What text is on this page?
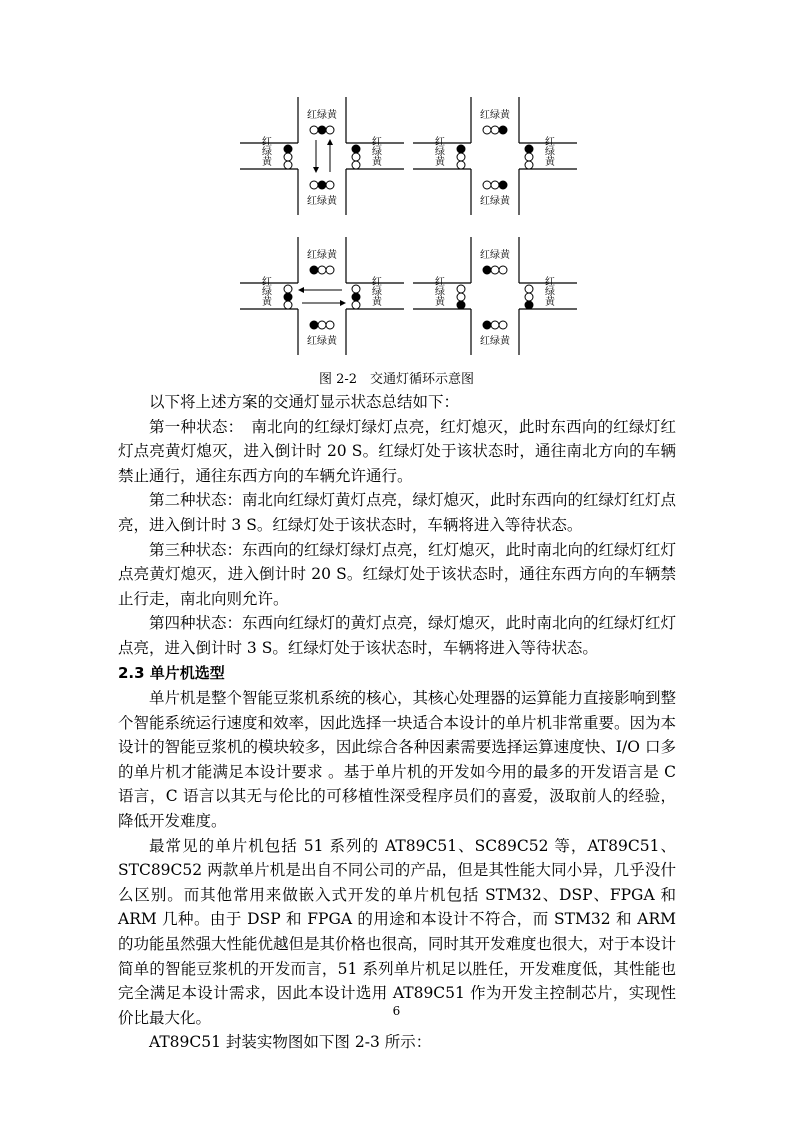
红绿黄
红绿黄
红
绿
黄
红
绿
黄
红绿黄
红绿黄
红
绿
黄
红
绿
黄
红绿黄
红绿黄
红
绿
黄
红
绿
黄
红绿黄
红绿黄
红
绿
黄
红
绿
黄
图 2-2　交通灯循环示意图

以下将上述方案的交通灯显示状态总结如下：

第一种状态：　南北向的红绿灯绿灯点亮，红灯熄灭，此时东西向的红绿灯红灯点亮黄灯熄灭，进入倒计时 20 S。红绿灯处于该状态时，通往南北方向的车辆禁止通行，通往东西方向的车辆允许通行。

第二种状态：南北向红绿灯黄灯点亮，绿灯熄灭，此时东西向的红绿灯红灯点亮，进入倒计时 3 S。红绿灯处于该状态时，车辆将进入等待状态。

第三种状态：东西向的红绿灯绿灯点亮，红灯熄灭，此时南北向的红绿灯红灯点亮黄灯熄灭，进入倒计时 20 S。红绿灯处于该状态时，通往东西方向的车辆禁止行走，南北向则允许。

第四种状态：东西向红绿灯的黄灯点亮，绿灯熄灭，此时南北向的红绿灯红灯点亮，进入倒计时 3 S。红绿灯处于该状态时，车辆将进入等待状态。

2.3 单片机选型

单片机是整个智能豆浆机系统的核心，其核心处理器的运算能力直接影响到整个智能系统运行速度和效率，因此选择一块适合本设计的单片机非常重要。因为本设计的智能豆浆机的模块较多，因此综合各种因素需要选择运算速度快、I/O 口多的单片机才能满足本设计要求 。基于单片机的开发如今用的最多的开发语言是 C 语言，C 语言以其无与伦比的可移植性深受程序员们的喜爱，汲取前人的经验，降低开发难度。

最常见的单片机包括 51 系列的 AT89C51、SC89C52 等，AT89C51、STC89C52 两款单片机是出自不同公司的产品，但是其性能大同小异，几乎没什么区别。而其他常用来做嵌入式开发的单片机包括 STM32、DSP、FPGA 和 ARM 几种。由于 DSP 和 FPGA 的用途和本设计不符合，而 STM32 和 ARM 的功能虽然强大性能优越但是其价格也很高，同时其开发难度也很大，对于本设计简单的智能豆浆机的开发而言，51 系列单片机足以胜任，开发难度低，其性能也完全满足本设计需求，因此本设计选用 AT89C51 作为开发主控制芯片，实现性价比最大化。

AT89C51 封装实物图如下图 2-3 所示：

6
